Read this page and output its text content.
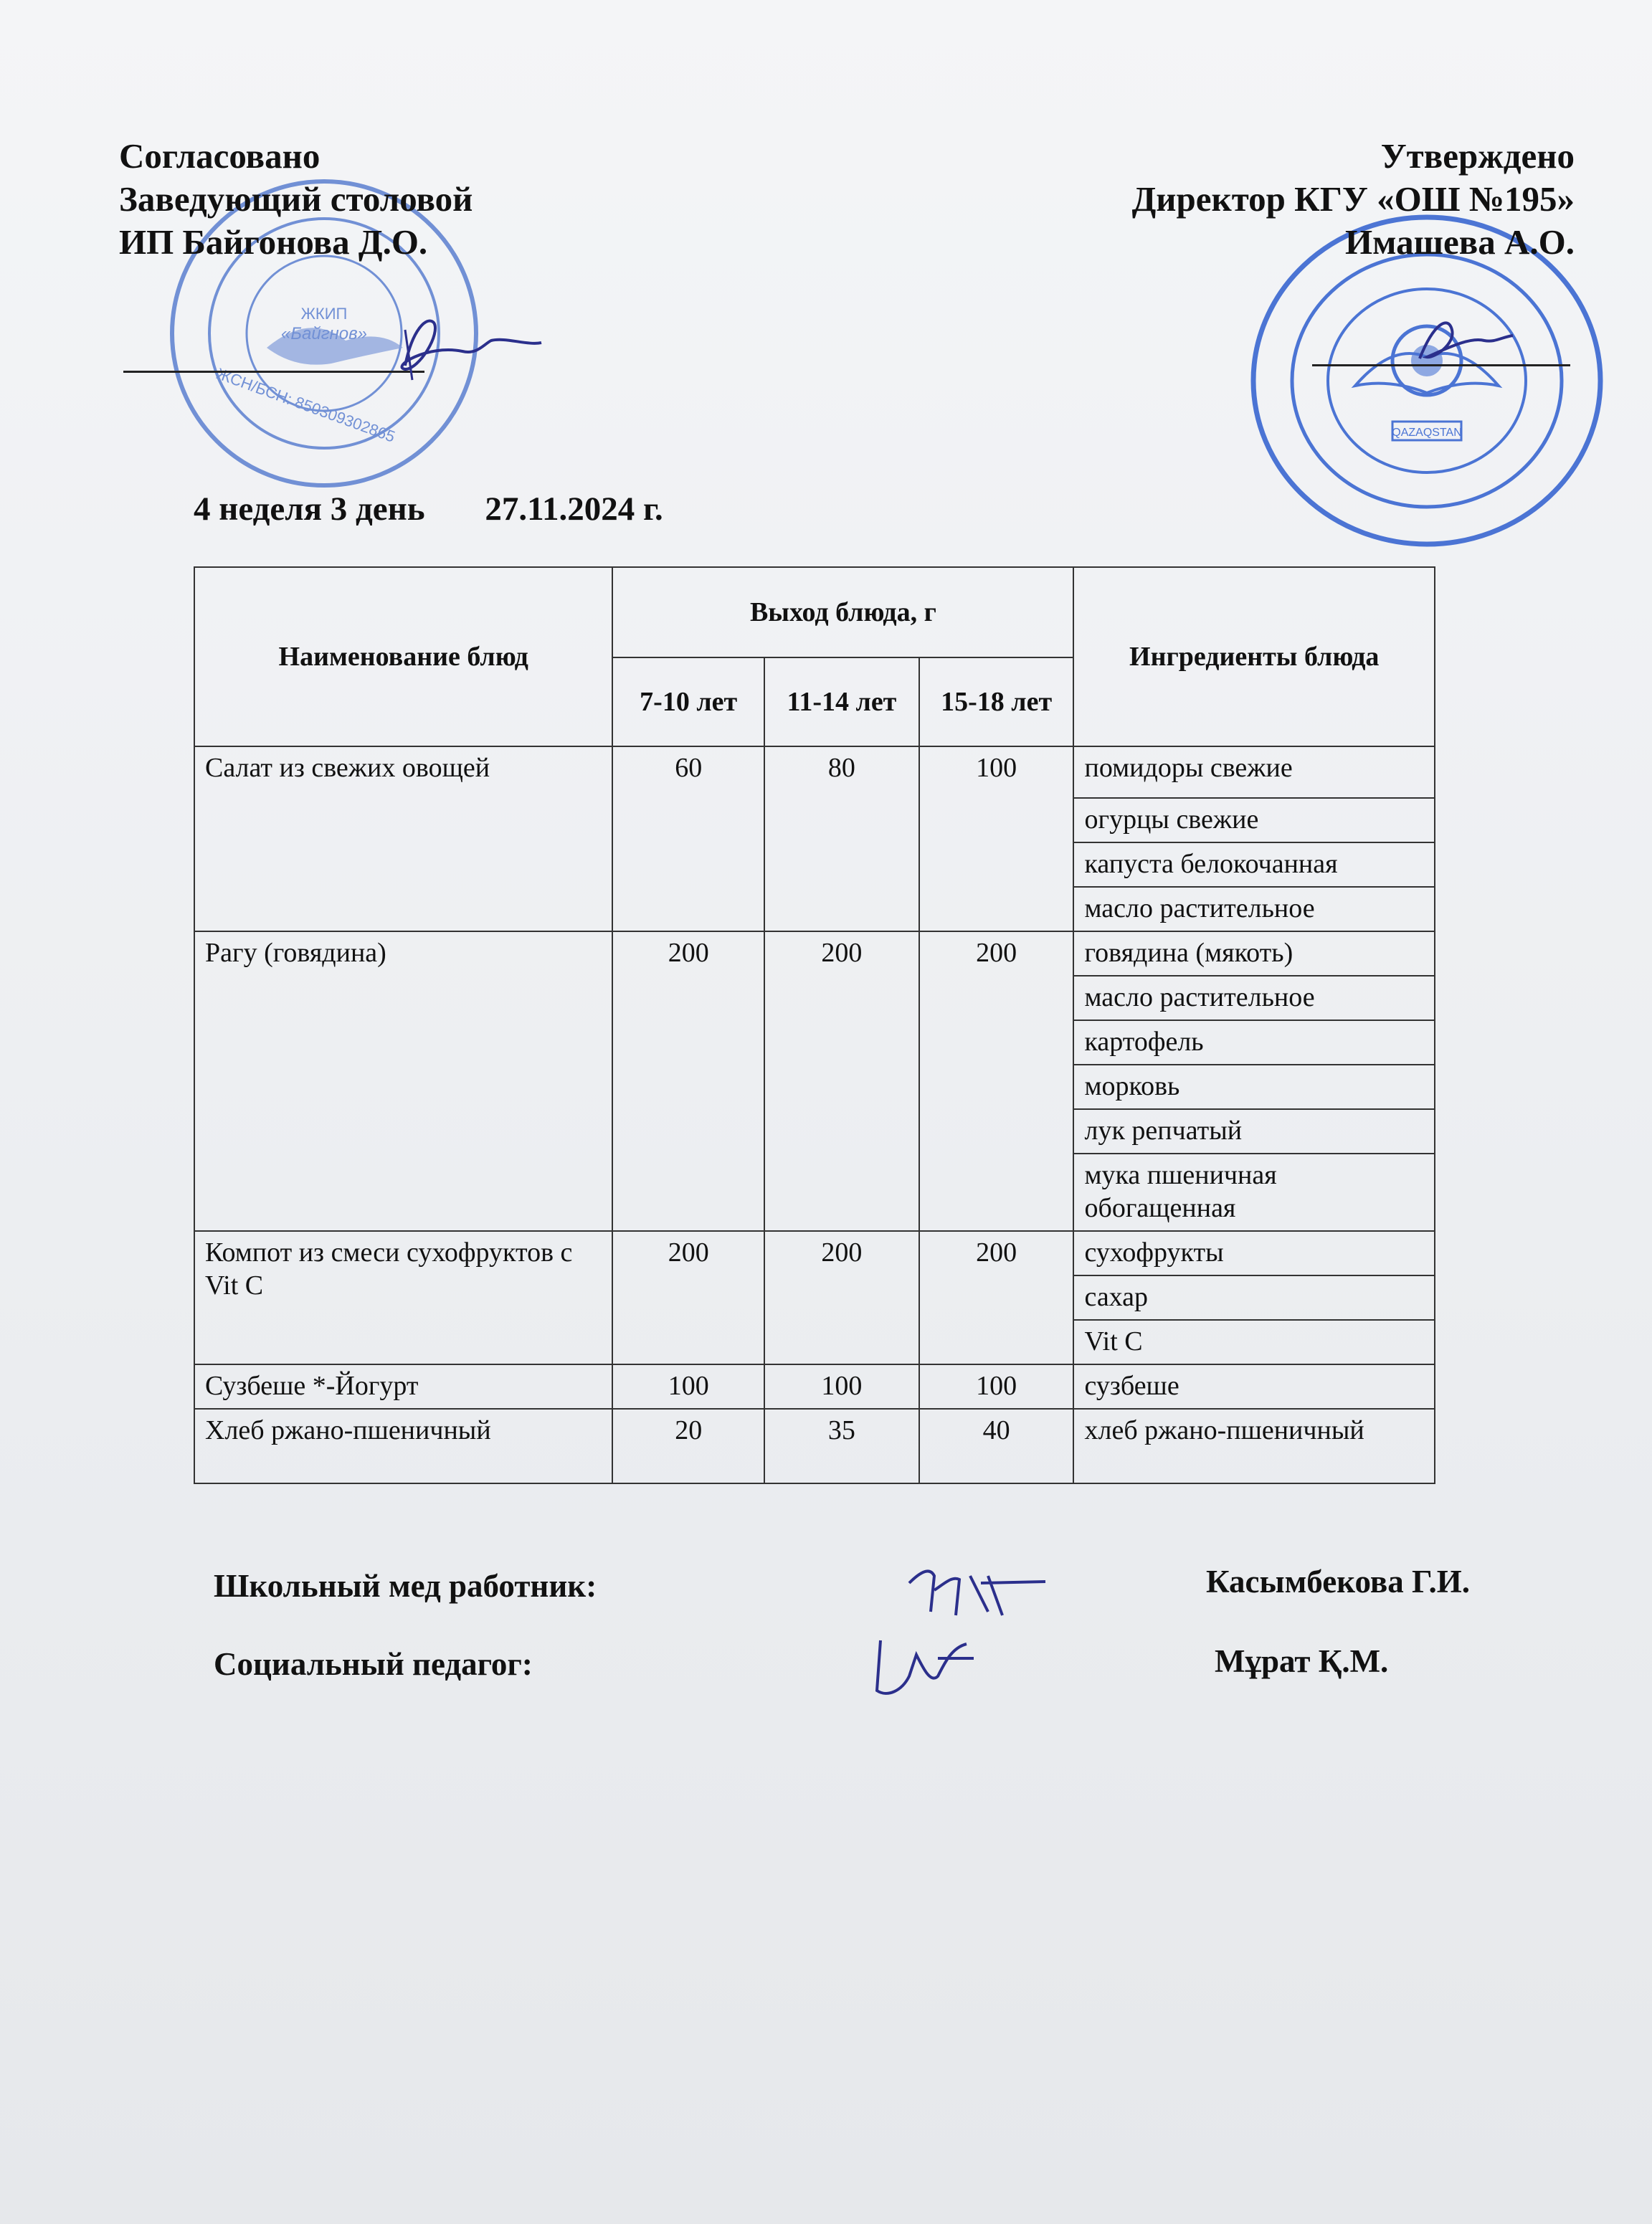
ЖКИП
«Байгнов»
ЖСН/БСН: 850309302865	QAZAQSTAN
Согласовано
Заведующий столовой
ИП Байгонова Д.О.
Утверждено
Директор КГУ «ОШ №195»
Имашева А.О.
4 неделя 3 день 27.11.2024 г.
Наименование блюд	Выход блюда, г			Ингредиенты блюда
	7-10 лет	11-14 лет	15-18 лет	
Салат из свежих овощей	60	80	100	помидоры свежие
				огурцы свежие
				капуста белокочанная
				масло растительное
Рагу (говядина)	200	200	200	говядина (мякоть)
				масло растительное
				картофель
				морковь
				лук репчатый
				мука пшеничная обогащенная
Компот из смеси сухофруктов с Vit C	200	200	200	сухофрукты
				сахар
				Vit C
Сузбеше *-Йогурт	100	100	100	сузбеше
Хлеб ржано-пшеничный	20	35	40	хлеб ржано-пшеничный
Школьный мед работник:	Касымбекова Г.И.
Социальный педагог:	Мұрат Қ.М.
